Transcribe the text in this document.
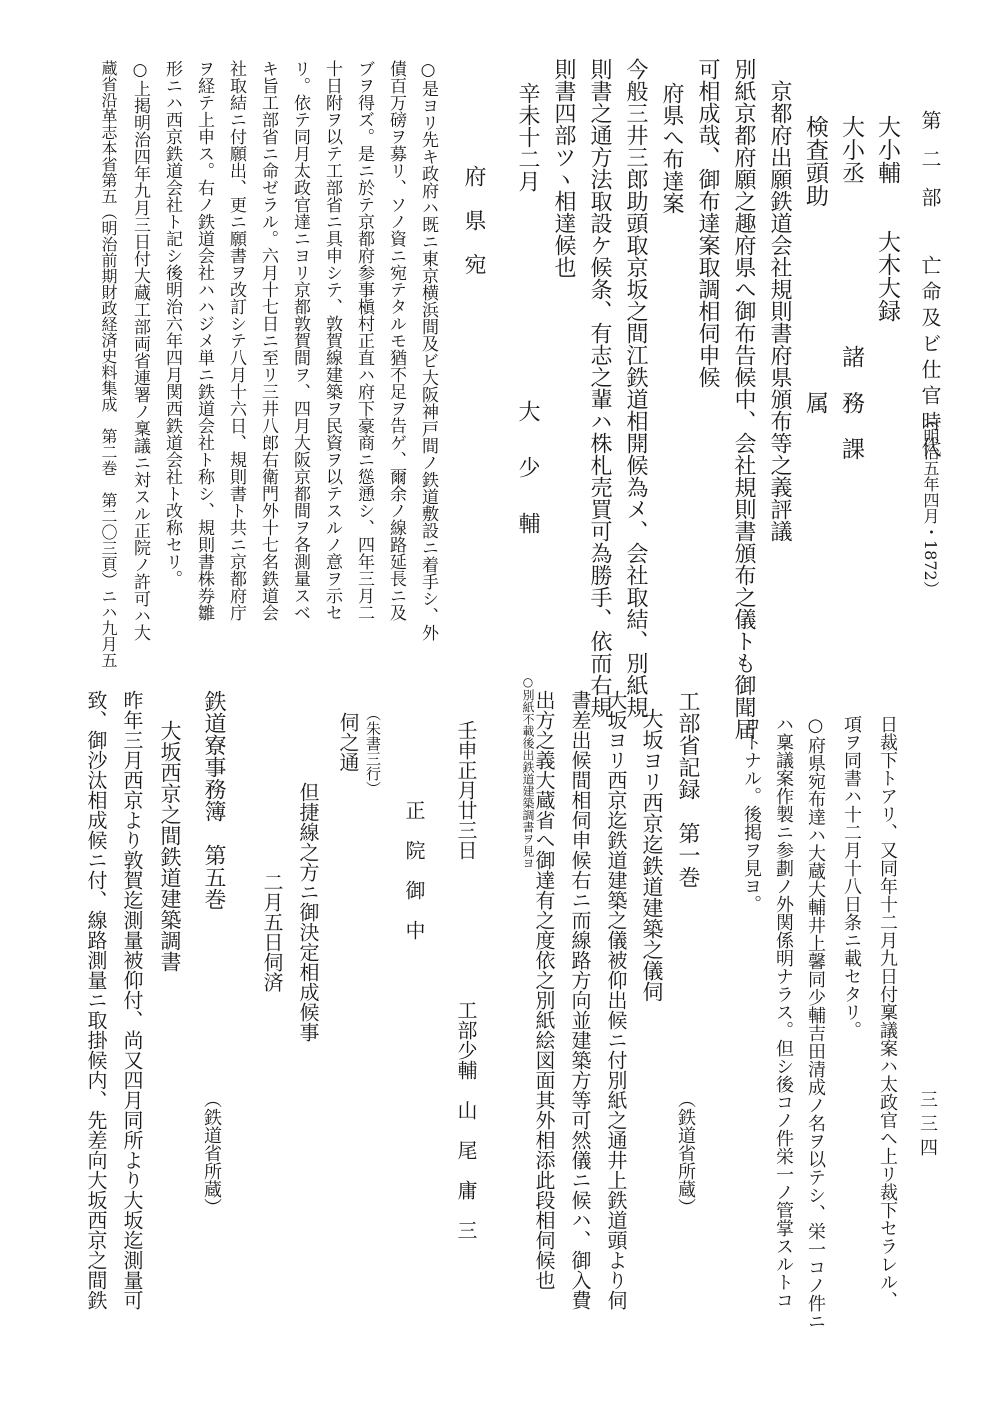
第 二 部
亡命及ビ仕官時代
（明治五年四月・1872）
三三四
大小輔　　大木大録
大小丞　　　　　　　諸　務　課
検査頭助　　　　　　　　属
京都府出願鉄道会社規則書府県頒布等之義評議
別紙京都府願之趣府県へ御布告候中、会社規則書頒布之儀トも御聞届
可相成哉、御布達案取調相伺申候
府県へ布達案
今般三井三郎助頭取京坂之間江鉄道相開候為メ、会社取結、別紙規
則書之通方法取設ケ候条、有志之輩ハ株札売買可為勝手、依而右規
則書四部ツヽ相達候也
辛未十二月
大　少　輔
府　県　宛
○是ヨリ先キ政府ハ既ニ東京横浜間及ビ大阪神戸間ノ鉄道敷設ニ着手シ、外
債百万磅ヲ募リ、ソノ資ニ宛テタルモ猶不足ヲ告ゲ、爾余ノ線路延長ニ及
ブヲ得ズ。是ニ於テ京都府参事槇村正直ハ府下豪商ニ慫慂シ、四年三月二
十日附ヲ以テ工部省ニ具申シテ、敦賀線建築ヲ民資ヲ以テスルノ意ヲ示セ
リ。依テ同月太政官達ニヨリ京都敦賀間ヲ、四月大阪京都間ヲ各測量スベ
キ旨工部省ニ命ゼラル。六月十七日ニ至リ三井八郎右衛門外十七名鉄道会
社取結ニ付願出、更ニ願書ヲ改訂シテ八月十六日、規則書ト共ニ京都府庁
ヲ経テ上申ス。右ノ鉄道会社ハハジメ単ニ鉄道会社ト称シ、規則書株券雛
形ニハ西京鉄道会社ト記シ後明治六年四月関西鉄道会社ト改称セリ。
○上掲明治四年九月三日付大蔵工部両省連署ノ稟議ニ対スル正院ノ許可ハ大
蔵省沿革志本省第五（明治前期財政経済史料集成　第二巻　第二〇三頁）ニハ九月五
日裁下トアリ、又同年十二月九日付稟議案ハ太政官ヘ上リ裁下セラレル、
項ヲ同書ハ十二月十八日条ニ載セタリ。
○府県宛布達ハ大蔵大輔井上馨同少輔吉田清成ノ名ヲ以テシ、栄一コノ件ニ
ハ稟議案作製ニ参劃ノ外関係明ナラス。但シ後コノ件栄一ノ管掌スルトコ
ロトナル。後掲ヲ見ヨ。
工部省記録　第一巻
（鉄道省所蔵）
大坂ヨリ西京迄鉄道建築之儀伺
大坂ヨリ西京迄鉄道建築之儀被仰出候ニ付別紙之通井上鉄道頭より伺
書差出候間相伺申候右ニ而線路方向並建築方等可然儀ニ候ハ、御入費
出方之義大蔵省へ御達有之度依之別紙絵図面其外相添此段相伺候也
○別紙不載後出鉄道建築調書ヲ見ヨ
壬申正月廿三日
工部少輔　山　尾　庸　三
正　院　御　中
（朱書三行）
伺之通
但捷線之方ニ御決定相成候事
二月五日伺済
鉄道寮事務簿　第五巻
（鉄道省所蔵）
大坂西京之間鉄道建築調書
昨年三月西京より敦賀迄測量被仰付、尚又四月同所より大坂迄測量可
致、御沙汰相成候ニ付、線路測量ニ取掛候内、先差向大坂西京之間鉄
